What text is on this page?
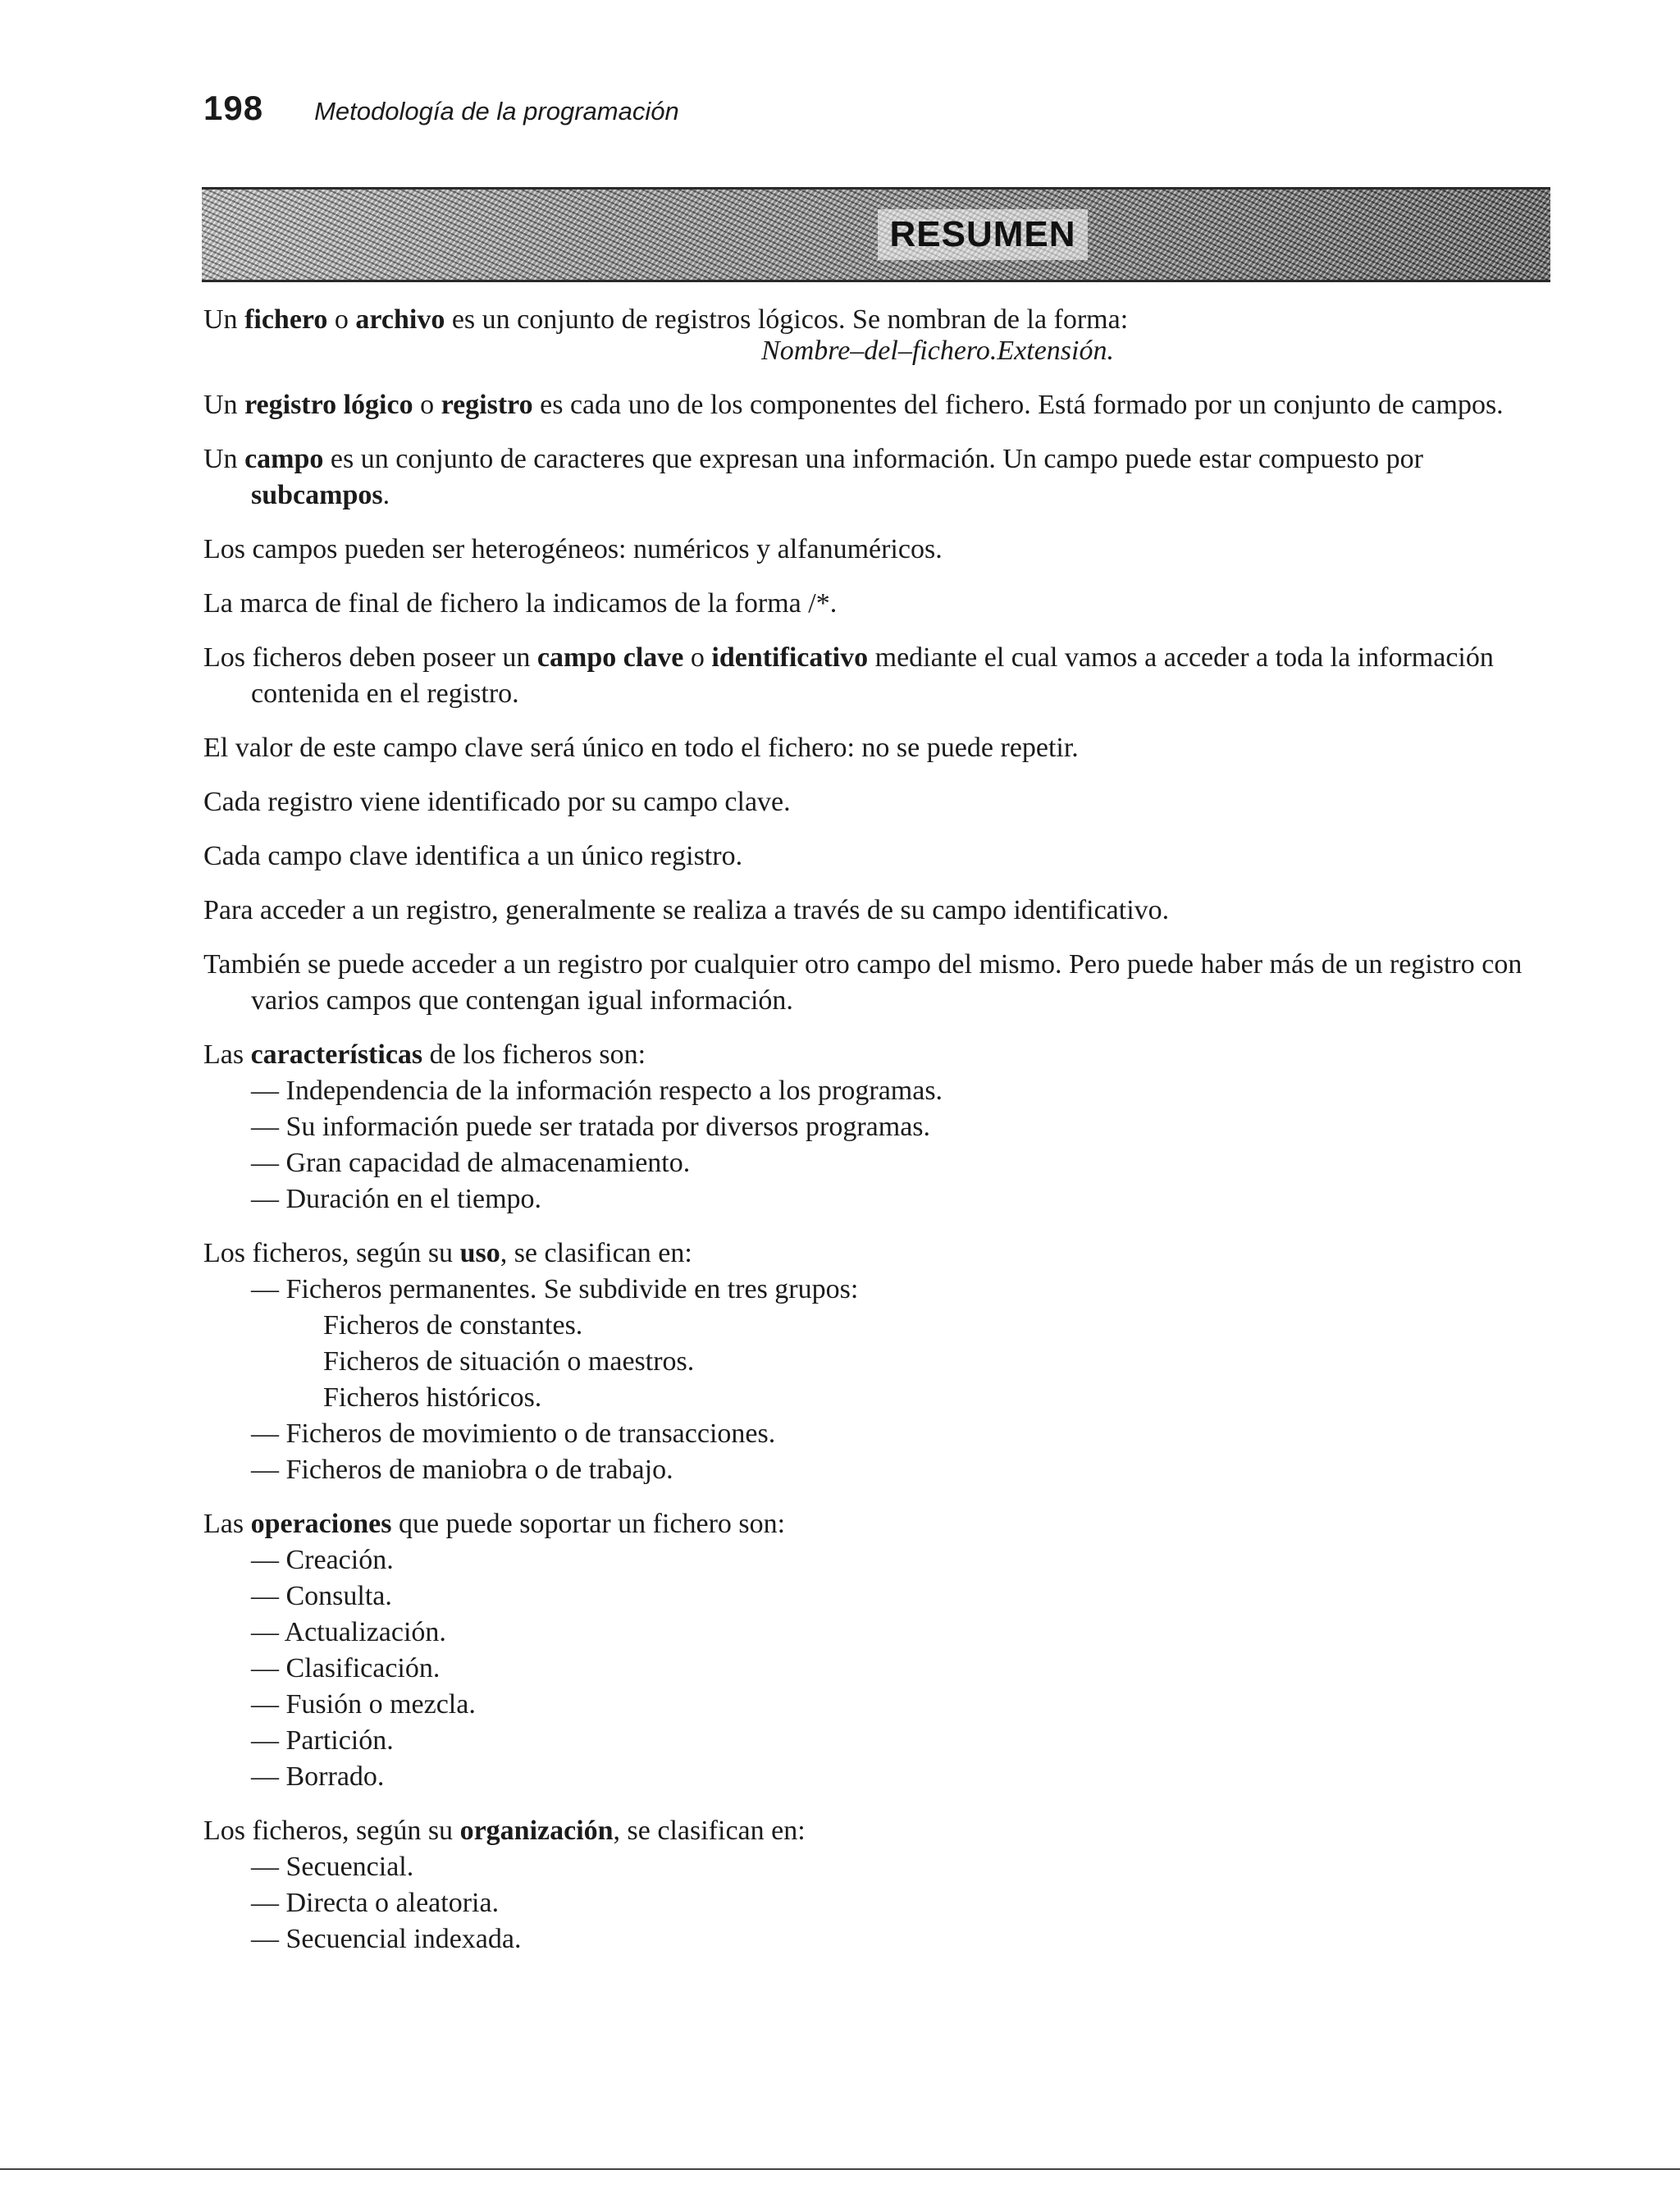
198 Metodología de la programación
RESUMEN

Un fichero o archivo es un conjunto de registros lógicos. Se nombran de la forma:

Nombre–del–fichero.Extensión.

Un registro lógico o registro es cada uno de los componentes del fichero. Está formado por un conjunto de campos.

Un campo es un conjunto de caracteres que expresan una información. Un campo puede estar compuesto por subcampos.

Los campos pueden ser heterogéneos: numéricos y alfanuméricos.

La marca de final de fichero la indicamos de la forma /*.

Los ficheros deben poseer un campo clave o identificativo mediante el cual vamos a acceder a toda la información contenida en el registro.

El valor de este campo clave será único en todo el fichero: no se puede repetir.

Cada registro viene identificado por su campo clave.

Cada campo clave identifica a un único registro.

Para acceder a un registro, generalmente se realiza a través de su campo identificativo.

También se puede acceder a un registro por cualquier otro campo del mismo. Pero puede haber más de un registro con varios campos que contengan igual información.

Las características de los ficheros son:

— Independencia de la información respecto a los programas.
— Su información puede ser tratada por diversos programas.
— Gran capacidad de almacenamiento.
— Duración en el tiempo.

Los ficheros, según su uso, se clasifican en:

— Ficheros permanentes. Se subdivide en tres grupos:
Ficheros de constantes.
Ficheros de situación o maestros.
Ficheros históricos.
— Ficheros de movimiento o de transacciones.
— Ficheros de maniobra o de trabajo.

Las operaciones que puede soportar un fichero son:

— Creación.
— Consulta.
— Actualización.
— Clasificación.
— Fusión o mezcla.
— Partición.
— Borrado.

Los ficheros, según su organización, se clasifican en:

— Secuencial.
— Directa o aleatoria.
— Secuencial indexada.
